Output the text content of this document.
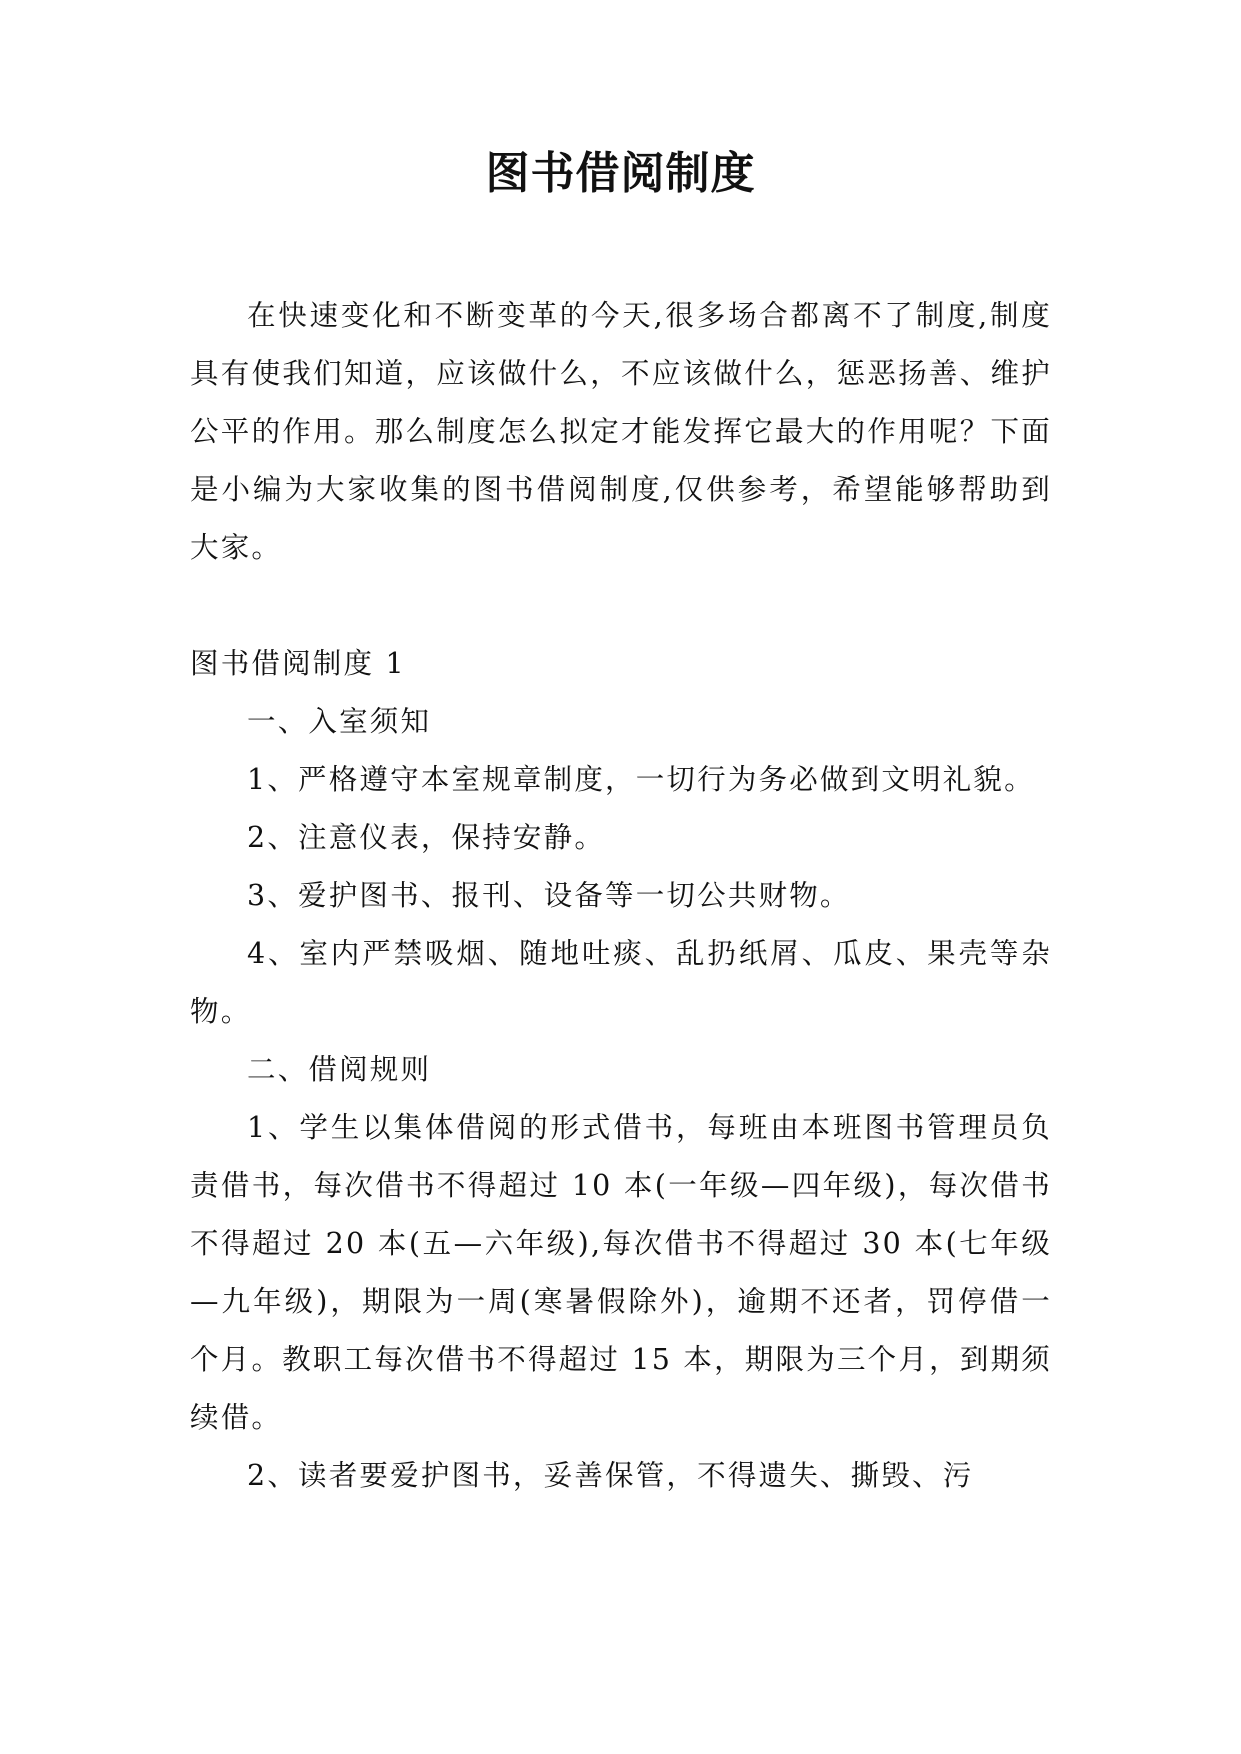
图书借阅制度

在快速变化和不断变革的今天,很多场合都离不了制度,制度具有使我们知道，应该做什么，不应该做什么，惩恶扬善、维护公平的作用。那么制度怎么拟定才能发挥它最大的作用呢？下面是小编为大家收集的图书借阅制度,仅供参考，希望能够帮助到大家。

图书借阅制度 1

一、入室须知

1、严格遵守本室规章制度，一切行为务必做到文明礼貌。

2、注意仪表，保持安静。

3、爱护图书、报刊、设备等一切公共财物。

4、室内严禁吸烟、随地吐痰、乱扔纸屑、瓜皮、果壳等杂物。

二、借阅规则

1、学生以集体借阅的形式借书，每班由本班图书管理员负责借书，每次借书不得超过 10 本(一年级—四年级)，每次借书不得超过 20 本(五—六年级),每次借书不得超过 30 本(七年级—九年级)，期限为一周(寒暑假除外)，逾期不还者，罚停借一个月。教职工每次借书不得超过 15 本，期限为三个月，到期须续借。

2、读者要爱护图书，妥善保管，不得遗失、撕毁、污
